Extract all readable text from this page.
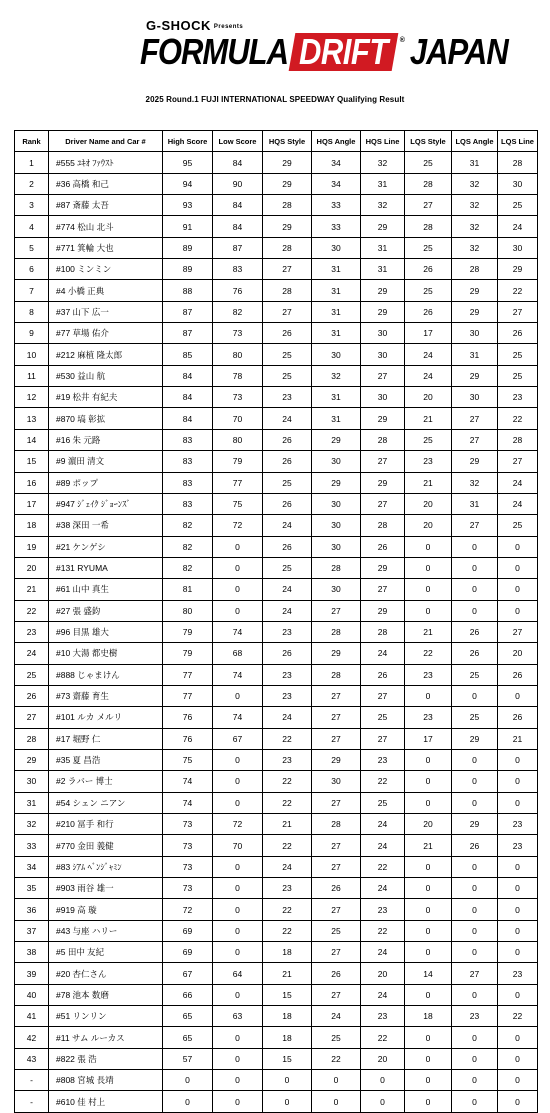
G-SHOCK Presents
FORMULA DRIFT ® JAPAN
2025 Round.1 FUJI INTERNATIONAL SPEEDWAY Qualifying Result
Rank	Driver Name and Car #	High Score	Low Score	HQS Style	HQS Angle	HQS Line	LQS Style	LQS Angle	LQS Line
1	#555 ﾕｷｵ ﾌｧｳｽﾄ	95	84	29	34	32	25	31	28
2	#36 高橋 和己	94	90	29	34	31	28	32	30
3	#87 斎藤 太吾	93	84	28	33	32	27	32	25
4	#774 松山 北斗	91	84	29	33	29	28	32	24
5	#771 箕輪 大也	89	87	28	30	31	25	32	30
6	#100 ミンミン	89	83	27	31	31	26	28	29
7	#4 小橋 正典	88	76	28	31	29	25	29	22
8	#37 山下 広一	87	82	27	31	29	26	29	27
9	#77 草場 佑介	87	73	26	31	30	17	30	26
10	#212 麻植 隆太郎	85	80	25	30	30	24	31	25
11	#530 益山 航	84	78	25	32	27	24	29	25
12	#19 松井 有紀夫	84	73	23	31	30	20	30	23
13	#870 塙 彰拡	84	70	24	31	29	21	27	22
14	#16 朱 元路	83	80	26	29	28	25	27	28
15	#9 濵田 清文	83	79	26	30	27	23	29	27
16	#89 ポップ	83	77	25	29	29	21	32	24
17	#947 ｼﾞｪｲｸ ｼﾞｮｰﾝｽﾞ	83	75	26	30	27	20	31	24
18	#38 深田 一希	82	72	24	30	28	20	27	25
19	#21 ケンゲシ	82	0	26	30	26	0	0	0
20	#131 RYUMA	82	0	25	28	29	0	0	0
21	#61 山中 真生	81	0	24	30	27	0	0	0
22	#27 張 盛鈞	80	0	24	27	29	0	0	0
23	#96 目黒 雄大	79	74	23	28	28	21	26	27
24	#10 大湯 都史樹	79	68	26	29	24	22	26	20
25	#888 じゃまけん	77	74	23	28	26	23	25	26
26	#73 齋藤 育生	77	0	23	27	27	0	0	0
27	#101 ルカ メルリ	76	74	24	27	25	23	25	26
28	#17 堀野 仁	76	67	22	27	27	17	29	21
29	#35 夏 昌浩	75	0	23	29	23	0	0	0
30	#2 ラバー 博士	74	0	22	30	22	0	0	0
31	#54 シェン ニアン	74	0	22	27	25	0	0	0
32	#210 冨手 和行	73	72	21	28	24	20	29	23
33	#770 金田 義健	73	70	22	27	24	21	26	23
34	#83 ｼｱﾑ ﾍﾞﾝｼﾞｬﾐﾝ	73	0	24	27	22	0	0	0
35	#903 雨谷 雄一	73	0	23	26	24	0	0	0
36	#919 高 璇	72	0	22	27	23	0	0	0
37	#43 与座 ハリー	69	0	22	25	22	0	0	0
38	#5 田中 友紀	69	0	18	27	24	0	0	0
39	#20 杏仁さん	67	64	21	26	20	14	27	23
40	#78 池本 数磨	66	0	15	27	24	0	0	0
41	#51 リンリン	65	63	18	24	23	18	23	22
42	#11 サム ルーカス	65	0	18	25	22	0	0	0
43	#822 張 浩	57	0	15	22	20	0	0	0
-	#808 宮城 長靖	0	0	0	0	0	0	0	0
-	#610 佳 村上	0	0	0	0	0	0	0	0
